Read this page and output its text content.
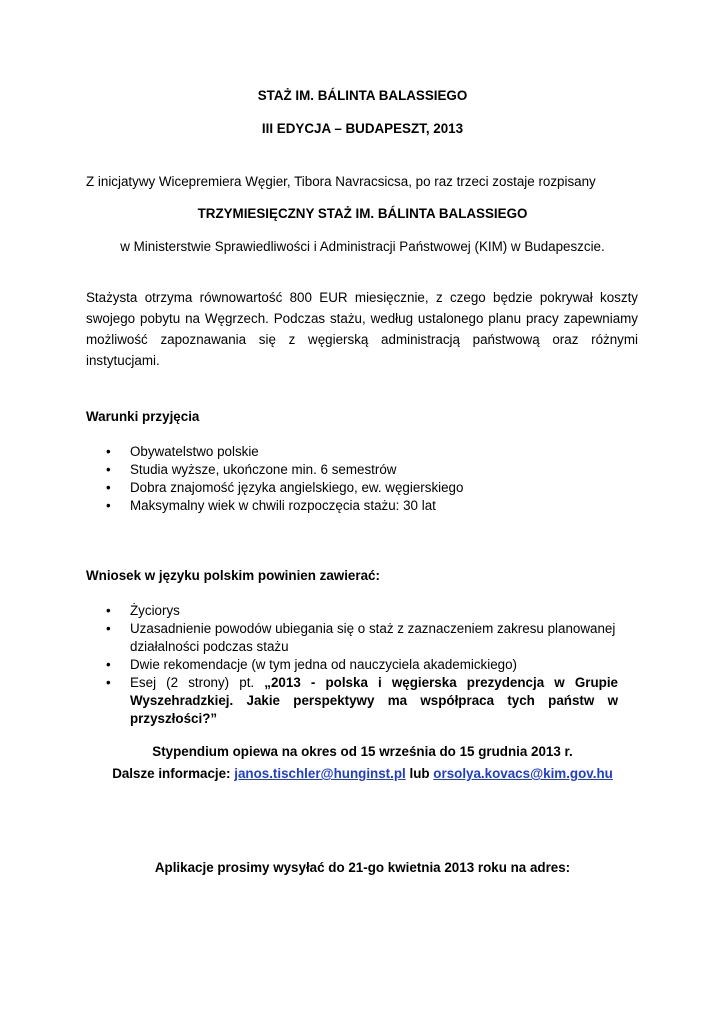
STAŻ IM. BÁLINTA BALASSIEGO
III EDYCJA – BUDAPESZT, 2013
Z inicjatywy Wicepremiera Węgier, Tibora Navracsicsa, po raz trzeci zostaje rozpisany
TRZYMIESIĘCZNY STAŻ IM. BÁLINTA BALASSIEGO
w Ministerstwie Sprawiedliwości i Administracji Państwowej (KIM) w Budapeszcie.
Stażysta otrzyma równowartość 800 EUR miesięcznie, z czego będzie pokrywał koszty swojego pobytu na Węgrzech. Podczas stażu, według ustalonego planu pracy zapewniamy możliwość zapoznawania się z węgierską administracją państwową oraz różnymi instytucjami.
Warunki przyjęcia
• Obywatelstwo polskie
• Studia wyższe, ukończone min. 6 semestrów
• Dobra znajomość języka angielskiego, ew. węgierskiego
• Maksymalny wiek w chwili rozpoczęcia stażu: 30 lat
Wniosek w języku polskim powinien zawierać:
• Życiorys
• Uzasadnienie powodów ubiegania się o staż z zaznaczeniem zakresu planowanej działalności podczas stażu
• Dwie rekomendacje (w tym jedna od nauczyciela akademickiego)
• Esej (2 strony) pt. „2013 - polska i węgierska prezydencja w Grupie Wyszehradzkiej. Jakie perspektywy ma współpraca tych państw w przyszłości?”
Stypendium opiewa na okres od 15 września do 15 grudnia 2013 r.
Dalsze informacje: janos.tischler@hunginst.pl lub orsolya.kovacs@kim.gov.hu
Aplikacje prosimy wysyłać do 21-go kwietnia 2013 roku na adres:
